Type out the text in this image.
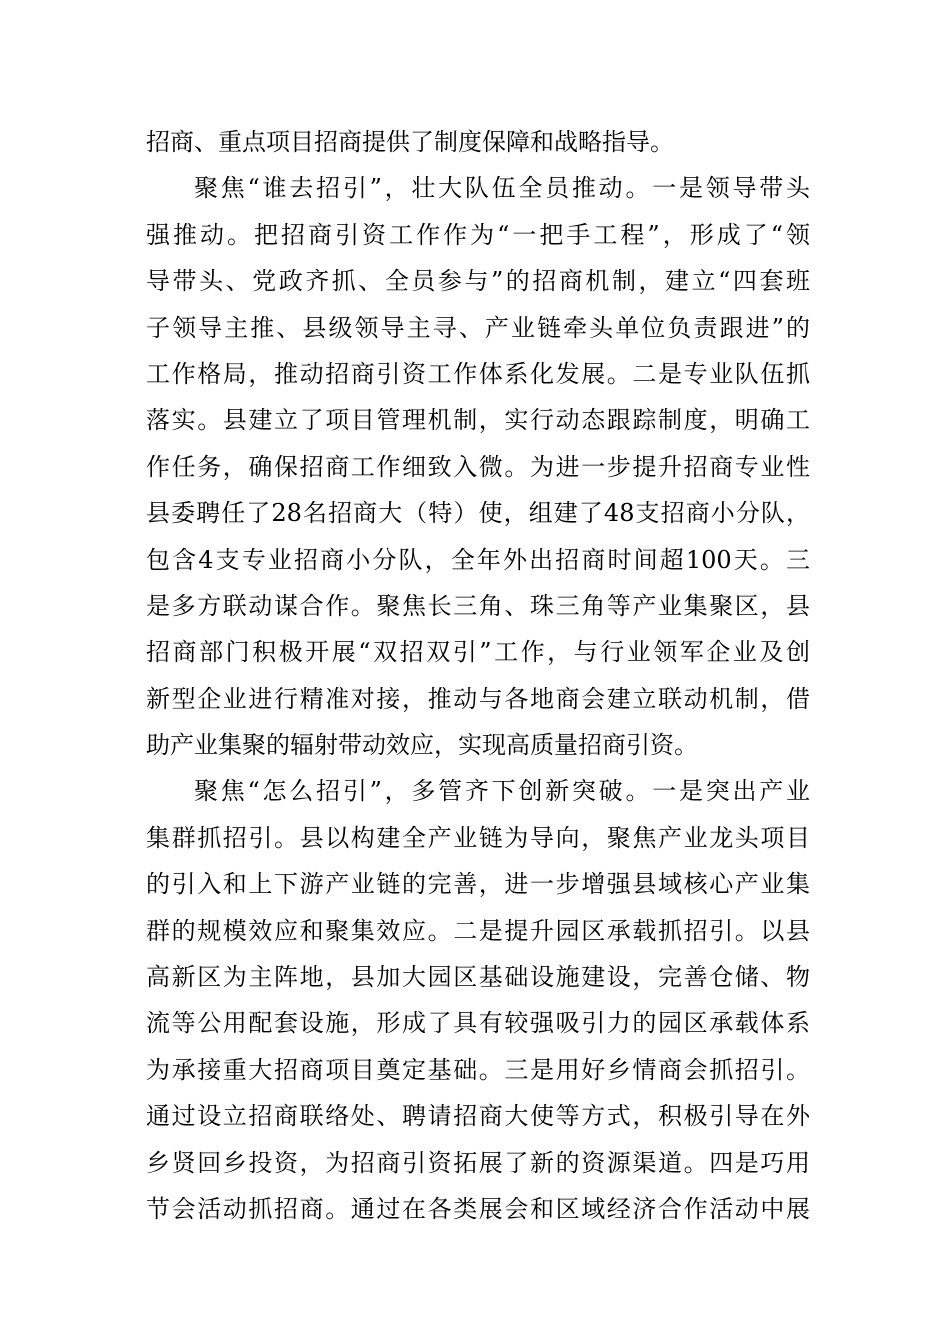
招商、重点项目招商提供了制度保障和战略指导。
聚焦“谁去招引”，壮大队伍全员推动。一是领导带头
强推动。把招商引资工作作为“一把手工程”，形成了“领
导带头、党政齐抓、全员参与”的招商机制，建立“四套班
子领导主推、县级领导主寻、产业链牵头单位负责跟进”的
工作格局，推动招商引资工作体系化发展。二是专业队伍抓
落实。县建立了项目管理机制，实行动态跟踪制度，明确工
作任务，确保招商工作细致入微。为进一步提升招商专业性
县委聘任了28名招商大（特）使，组建了48支招商小分队，
包含4支专业招商小分队，全年外出招商时间超100天。三
是多方联动谋合作。聚焦长三角、珠三角等产业集聚区，县
招商部门积极开展“双招双引”工作，与行业领军企业及创
新型企业进行精准对接，推动与各地商会建立联动机制，借
助产业集聚的辐射带动效应，实现高质量招商引资。
聚焦“怎么招引”，多管齐下创新突破。一是突出产业
集群抓招引。县以构建全产业链为导向，聚焦产业龙头项目
的引入和上下游产业链的完善，进一步增强县域核心产业集
群的规模效应和聚集效应。二是提升园区承载抓招引。以县
高新区为主阵地，县加大园区基础设施建设，完善仓储、物
流等公用配套设施，形成了具有较强吸引力的园区承载体系
为承接重大招商项目奠定基础。三是用好乡情商会抓招引。
通过设立招商联络处、聘请招商大使等方式，积极引导在外
乡贤回乡投资，为招商引资拓展了新的资源渠道。四是巧用
节会活动抓招商。通过在各类展会和区域经济合作活动中展
